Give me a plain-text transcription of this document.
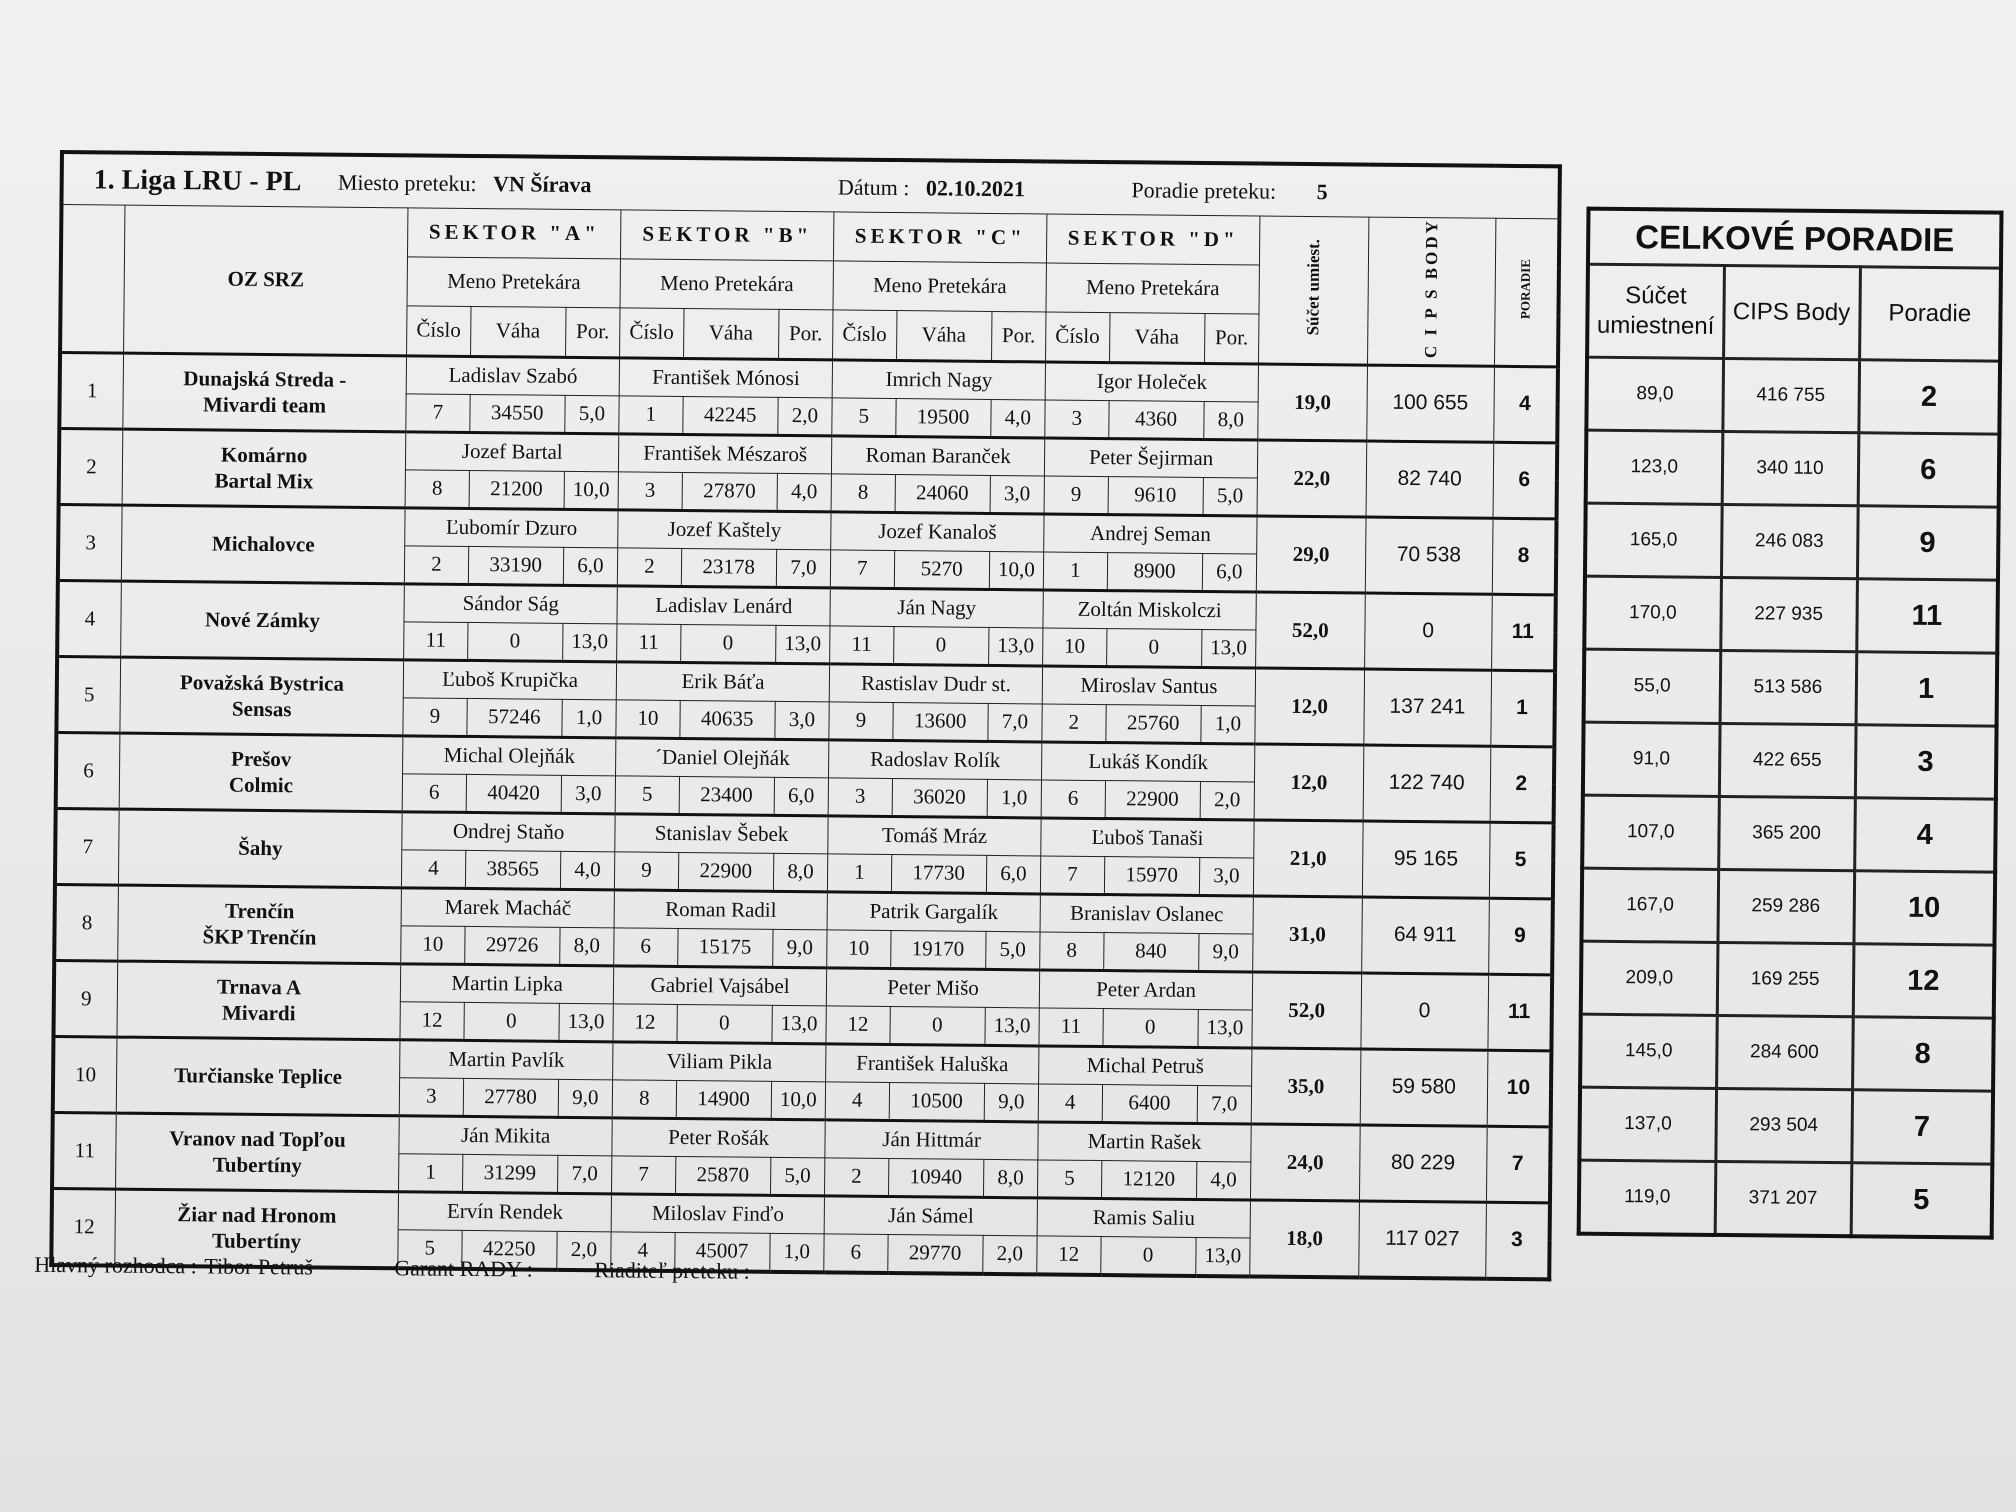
1. Liga LRU - PL Miesto preteku: VN Šírava Dátum : 02.10.2021 Poradie preteku: 5																
	OZ SRZ	SEKTOR "A"			SEKTOR "B"			SEKTOR "C"			SEKTOR "D"			Súčet umiest.	C I P S BODY	PORADIE
		Meno Pretekára			Meno Pretekára			Meno Pretekára			Meno Pretekára					
		Číslo	Váha	Por.	Číslo	Váha	Por.	Číslo	Váha	Por.	Číslo	Váha	Por.			
1	Dunajská Streda -
Mivardi team	Ladislav Szabó			František Mónosi			Imrich Nagy			Igor Holeček			19,0	100 655	4
		7	34550	5,0	1	42245	2,0	5	19500	4,0	3	4360	8,0			
2	Komárno
Bartal Mix	Jozef Bartal			František Mészaroš			Roman Baranček			Peter Šejirman			22,0	82 740	6
		8	21200	10,0	3	27870	4,0	8	24060	3,0	9	9610	5,0			
3	Michalovce	Ľubomír Dzuro			Jozef Kaštely			Jozef Kanaloš			Andrej Seman			29,0	70 538	8
		2	33190	6,0	2	23178	7,0	7	5270	10,0	1	8900	6,0			
4	Nové Zámky	Sándor Ság			Ladislav Lenárd			Ján Nagy			Zoltán Miskolczi			52,0	0	11
		11	0	13,0	11	0	13,0	11	0	13,0	10	0	13,0			
5	Považská Bystrica
Sensas	Ľuboš Krupička			Erik Báťa			Rastislav Dudr st.			Miroslav Santus			12,0	137 241	1
		9	57246	1,0	10	40635	3,0	9	13600	7,0	2	25760	1,0			
6	Prešov
Colmic	Michal Olejňák			´Daniel Olejňák			Radoslav Rolík			Lukáš Kondík			12,0	122 740	2
		6	40420	3,0	5	23400	6,0	3	36020	1,0	6	22900	2,0			
7	Šahy	Ondrej Staňo			Stanislav Šebek			Tomáš Mráz			Ľuboš Tanaši			21,0	95 165	5
		4	38565	4,0	9	22900	8,0	1	17730	6,0	7	15970	3,0			
8	Trenčín
ŠKP Trenčín	Marek Macháč			Roman Radil			Patrik Gargalík			Branislav Oslanec			31,0	64 911	9
		10	29726	8,0	6	15175	9,0	10	19170	5,0	8	840	9,0			
9	Trnava A
Mivardi	Martin Lipka			Gabriel Vajsábel			Peter Mišo			Peter Ardan			52,0	0	11
		12	0	13,0	12	0	13,0	12	0	13,0	11	0	13,0			
10	Turčianske Teplice	Martin Pavlík			Viliam Pikla			František Haluška			Michal Petruš			35,0	59 580	10
		3	27780	9,0	8	14900	10,0	4	10500	9,0	4	6400	7,0			
11	Vranov nad Topľou
Tubertíny	Ján Mikita			Peter Rošák			Ján Hittmár			Martin Rašek			24,0	80 229	7
		1	31299	7,0	7	25870	5,0	2	10940	8,0	5	12120	4,0			
12	Žiar nad Hronom
Tubertíny	Ervín Rendek			Miloslav Finďo			Ján Sámel			Ramis Saliu			18,0	117 027	3
		5	42250	2,0	4	45007	1,0	6	29770	2,0	12	0	13,0			
CELKOVÉ PORADIE		
Súčet umiestnení	CIPS Body	Poradie
89,0	416 755	2
123,0	340 110	6
165,0	246 083	9
170,0	227 935	11
55,0	513 586	1
91,0	422 655	3
107,0	365 200	4
167,0	259 286	10
209,0	169 255	12
145,0	284 600	8
137,0	293 504	7
119,0	371 207	5
Hlavný rozhodca : Tibor Petruš	Garant RADY :	Riaditeľ preteku :
